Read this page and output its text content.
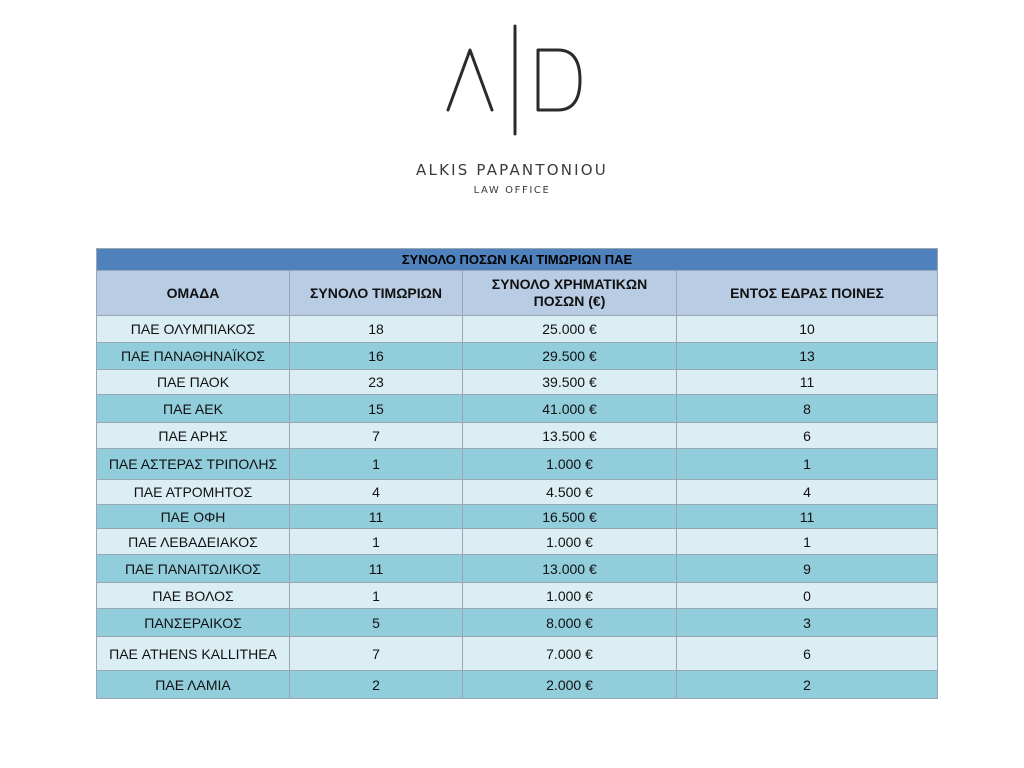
ALKIS PAPANTONIOU
LAW OFFICE
ΣΥΝΟΛΟ ΠΟΣΩΝ ΚΑΙ ΤΙΜΩΡΙΩΝ ΠΑΕ			
ΟΜΑΔΑ	ΣΥΝΟΛΟ ΤΙΜΩΡΙΩΝ	ΣΥΝΟΛΟ ΧΡΗΜΑΤΙΚΩΝ ΠΟΣΩΝ (€)	ΕΝΤΟΣ ΕΔΡΑΣ ΠΟΙΝΕΣ
ΠΑΕ ΟΛΥΜΠΙΑΚΟΣ	18	25.000 €	10
ΠΑΕ ΠΑΝΑΘΗΝΑΪΚΟΣ	16	29.500 €	13
ΠΑΕ ΠΑΟΚ	23	39.500 €	11
ΠΑΕ ΑΕΚ	15	41.000 €	8
ΠΑΕ ΑΡΗΣ	7	13.500 €	6
ΠΑΕ ΑΣΤΕΡΑΣ ΤΡΙΠΟΛΗΣ	1	1.000 €	1
ΠΑΕ ΑΤΡΟΜΗΤΟΣ	4	4.500 €	4
ΠΑΕ ΟΦΗ	11	16.500 €	11
ΠΑΕ ΛΕΒΑΔΕΙΑΚΟΣ	1	1.000 €	1
ΠΑΕ ΠΑΝΑΙΤΩΛΙΚΟΣ	11	13.000 €	9
ΠΑΕ ΒΟΛΟΣ	1	1.000 €	0
ΠΑΝΣΕΡΑΙΚΟΣ	5	8.000 €	3
ΠΑΕ ATHENS KALLITHEA	7	7.000 €	6
ΠΑΕ ΛΑΜΙΑ	2	2.000 €	2
